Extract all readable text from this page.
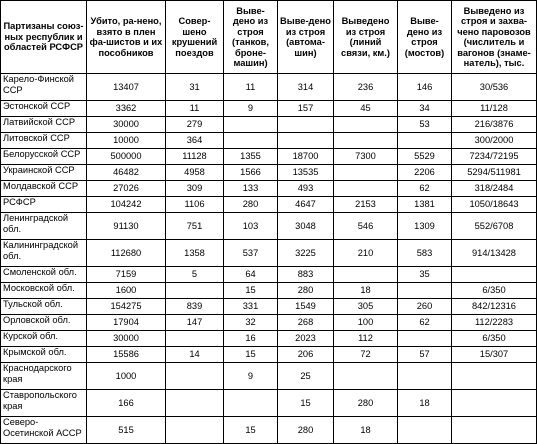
Партизаны союз-ных республик и областей РСФСР	Убито, ра-нено, взято в плен фа-шистов и их пособников	Совер-шено крушений поездов	Выве-дено из строя (танков, броне-машин)	Выве-дено из строя (автома-шин)	Выведено из строя (линий связи, км.)	Выве-дено из строя (мостов)	Выведено из строя и захва-чено паровозов (числитель и вагонов (знаме-натель), тыс.
Карело-Финской ССР	13407	31	11	314	236	146	30/536
Эстонской ССР	3362	11	9	157	45	34	11/128
Латвийской ССР	30000	279				53	216/3876
Литовской ССР	10000	364					300/2000
Белорусской ССР	500000	11128	1355	18700	7300	5529	7234/72195
Украинской ССР	46482	4958	1566	13535		2206	5294/511981
Молдавской ССР	27026	309	133	493		62	318/2484
РСФСР	104242	1106	280	4647	2153	1381	1050/18643
Ленинградской обл.	91130	751	103	3048	546	1309	552/6708
Калининградской обл.	112680	1358	537	3225	210	583	914/13428
Смоленской обл.	7159	5	64	883		35	
Московской обл.	1600		15	280	18		6/350
Тульской обл.	154275	839	331	1549	305	260	842/12316
Орловской обл.	17904	147	32	268	100	62	112/2283
Курской обл.	30000		16	2023	112		6/350
Крымской обл.	15586	14	15	206	72	57	15/307
Краснодарского края	1000		9	25			
Ставропольского края	166			15	280	18	
Северо-Осетинской АССР	515		15	280	18		
